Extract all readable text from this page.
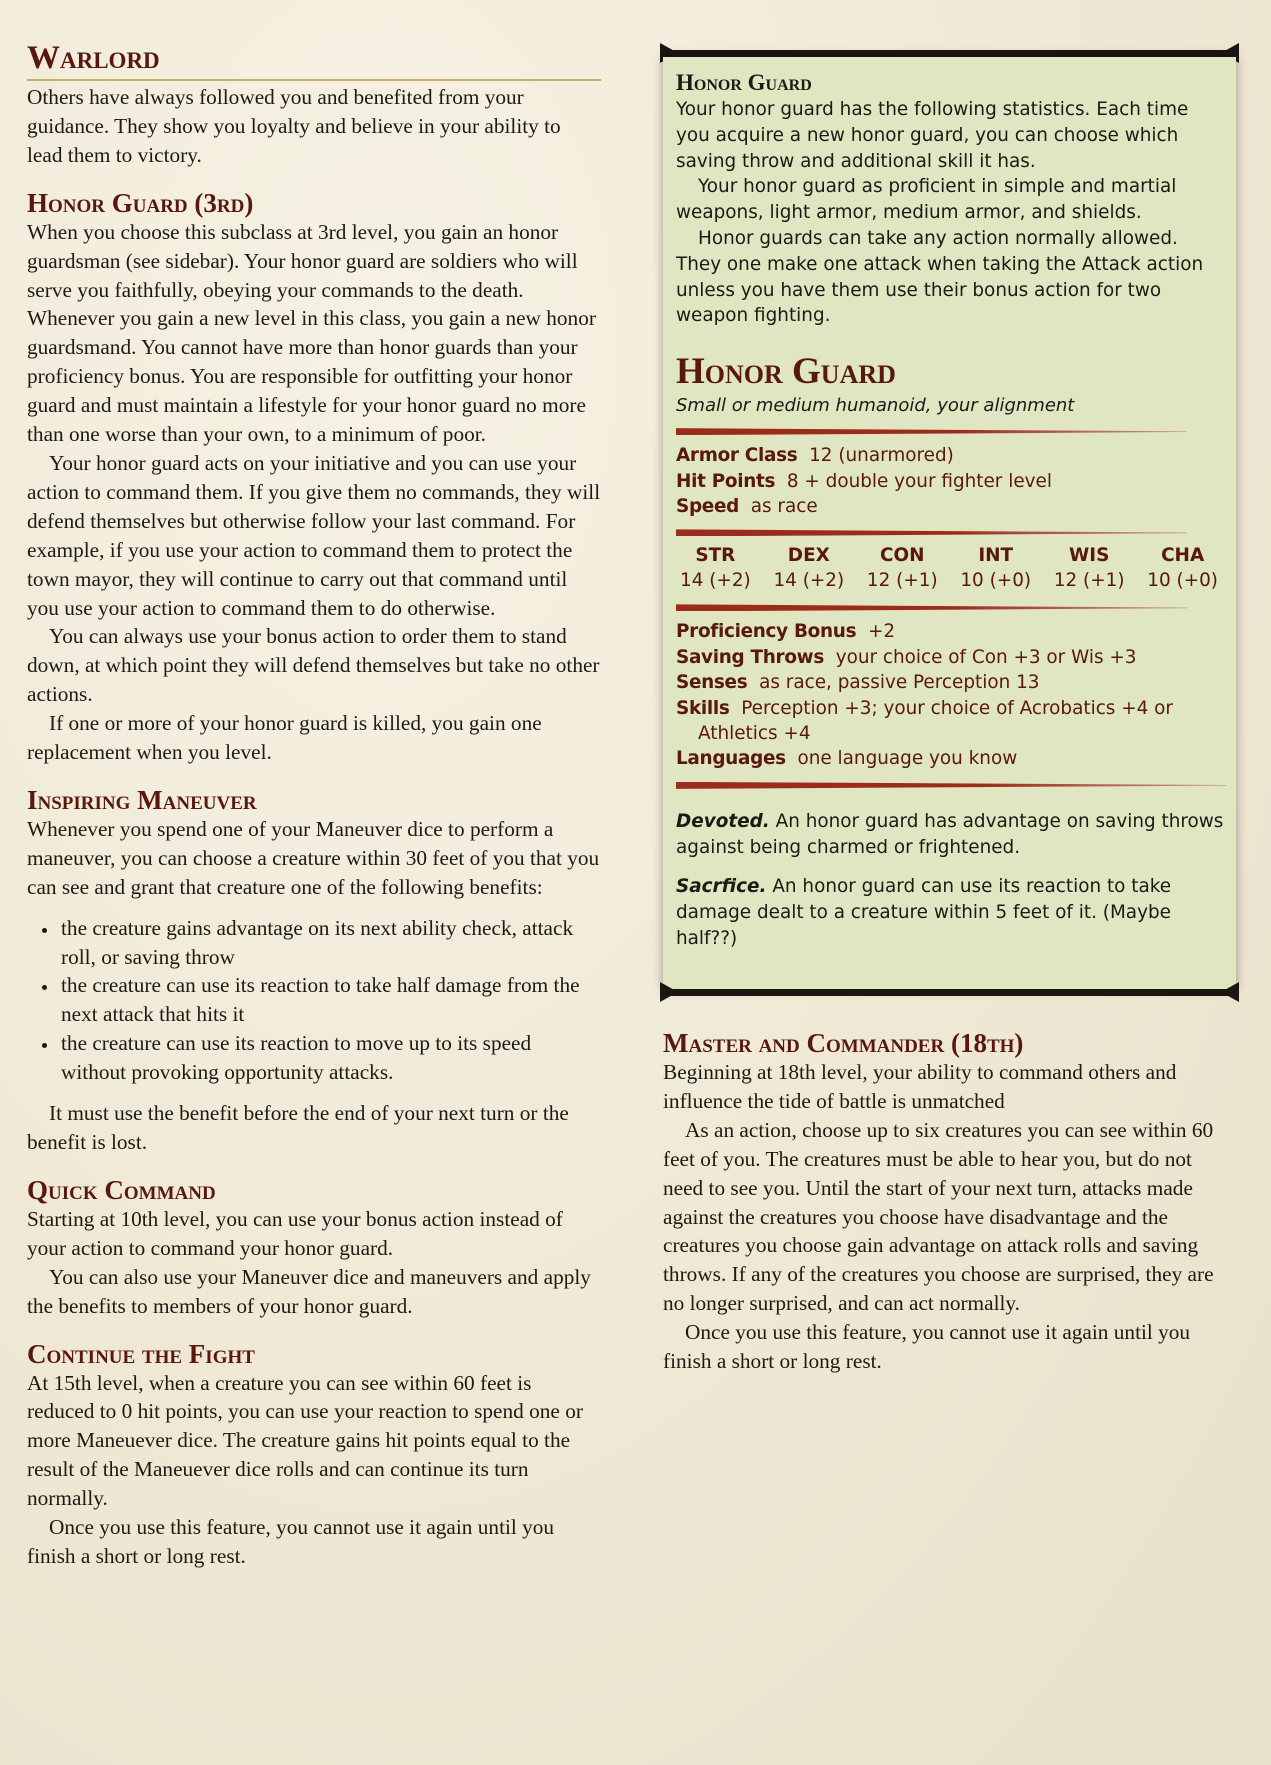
Warlord

Others have always followed you and benefited from your guidance. They show you loyalty and believe in your ability to lead them to victory.

Honor Guard (3rd)

When you choose this subclass at 3rd level, you gain an honor guardsman (see sidebar). Your honor guard are soldiers who will serve you faithfully, obeying your commands to the death. Whenever you gain a new level in this class, you gain a new honor guardsmand. You cannot have more than honor guards than your proficiency bonus. You are responsible for outfitting your honor guard and must maintain a lifestyle for your honor guard no more than one worse than your own, to a minimum of poor.

Your honor guard acts on your initiative and you can use your action to command them. If you give them no commands, they will defend themselves but otherwise follow your last command. For example, if you use your action to command them to protect the town mayor, they will continue to carry out that command until you use your action to command them to do otherwise.

You can always use your bonus action to order them to stand down, at which point they will defend themselves but take no other actions.

If one or more of your honor guard is killed, you gain one replacement when you level.

Inspiring Maneuver

Whenever you spend one of your Maneuver dice to perform a maneuver, you can choose a creature within 30 feet of you that you can see and grant that creature one of the following benefits:

• the creature gains advantage on its next ability check, attack roll, or saving throw
• the creature can use its reaction to take half damage from the next attack that hits it
• the creature can use its reaction to move up to its speed without provoking opportunity attacks.

It must use the benefit before the end of your next turn or the benefit is lost.

Quick Command

Starting at 10th level, you can use your bonus action instead of your action to command your honor guard.

You can also use your Maneuver dice and maneuvers and apply the benefits to members of your honor guard.

Continue the Fight

At 15th level, when a creature you can see within 60 feet is reduced to 0 hit points, you can use your reaction to spend one or more Maneuever dice. The creature gains hit points equal to the result of the Maneuever dice rolls and can continue its turn normally.

Once you use this feature, you cannot use it again until you finish a short or long rest.

Honor Guard

Your honor guard has the following statistics. Each time you acquire a new honor guard, you can choose which saving throw and additional skill it has.

Your honor guard as proficient in simple and martial weapons, light armor, medium armor, and shields.

Honor guards can take any action normally allowed. They one make one attack when taking the Attack action unless you have them use their bonus action for two weapon fighting.

Honor Guard
Small or medium humanoid, your alignment
Armor Class 12 (unarmored)
Hit Points 8 + double your fighter level
Speed as race
STR
14 (+2)
DEX
14 (+2)
CON
12 (+1)
INT
10 (+0)
WIS
12 (+1)
CHA
10 (+0)
Proficiency Bonus +2
Saving Throws your choice of Con +3 or Wis +3
Senses as race, passive Perception 13
Skills Perception +3; your choice of Acrobatics +4 or Athletics +4
Languages one language you know
Devoted. An honor guard has advantage on saving throws against being charmed or frightened.
Sacrfice. An honor guard can use its reaction to take damage dealt to a creature within 5 feet of it. (Maybe half??)
Master and Commander (18th)

Beginning at 18th level, your ability to command others and influence the tide of battle is unmatched

As an action, choose up to six creatures you can see within 60 feet of you. The creatures must be able to hear you, but do not need to see you. Until the start of your next turn, attacks made against the creatures you choose have disadvantage and the creatures you choose gain advantage on attack rolls and saving throws. If any of the creatures you choose are surprised, they are no longer surprised, and can act normally.

Once you use this feature, you cannot use it again until you finish a short or long rest.
